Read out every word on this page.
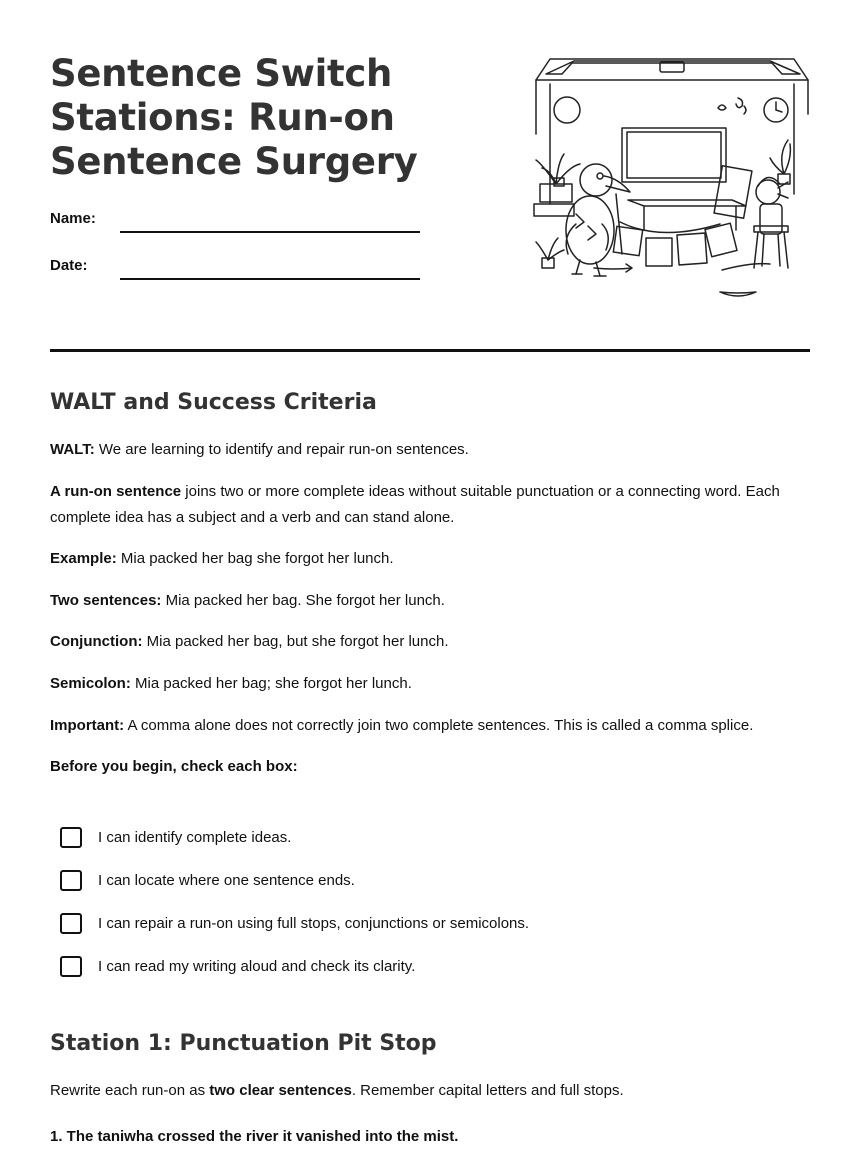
Sentence Switch Stations: Run-on Sentence Surgery
Name:
Date:
WALT and Success Criteria

WALT: We are learning to identify and repair run-on sentences.

A run-on sentence joins two or more complete ideas without suitable punctuation or a connecting word. Each complete idea has a subject and a verb and can stand alone.

Example: Mia packed her bag she forgot her lunch.

Two sentences: Mia packed her bag. She forgot her lunch.

Conjunction: Mia packed her bag, but she forgot her lunch.

Semicolon: Mia packed her bag; she forgot her lunch.

Important: A comma alone does not correctly join two complete sentences. This is called a comma splice.

Before you begin, check each box:

I can identify complete ideas.
I can locate where one sentence ends.
I can repair a run-on using full stops, conjunctions or semicolons.
I can read my writing aloud and check its clarity.
Station 1: Punctuation Pit Stop

Rewrite each run-on as two clear sentences. Remember capital letters and full stops.

1. The taniwha crossed the river it vanished into the mist.
